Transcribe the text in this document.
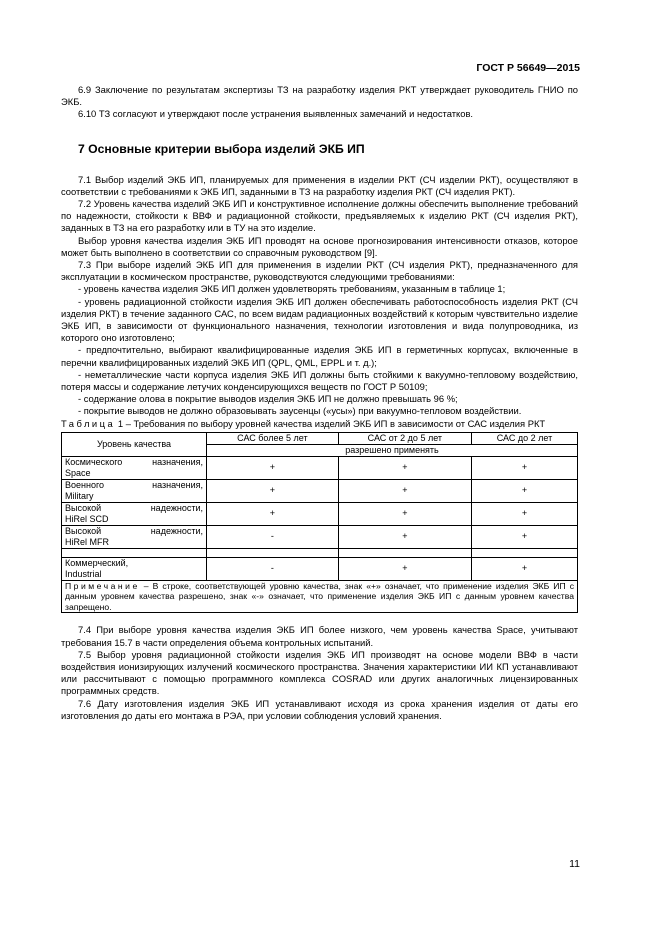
ГОСТ Р 56649—2015

6.9 Заключение по результатам экспертизы ТЗ на разработку изделия РКТ утверждает руководитель ГНИО по ЭКБ.

6.10 ТЗ согласуют и утверждают после устранения выявленных замечаний и недостатков.

7 Основные критерии выбора изделий ЭКБ ИП

7.1 Выбор изделий ЭКБ ИП, планируемых для применения в изделии РКТ (СЧ изделии РКТ), осуществляют в соответствии с требованиями к ЭКБ ИП, заданными в ТЗ на разработку изделия РКТ (СЧ изделия РКТ).

7.2 Уровень качества изделий ЭКБ ИП и конструктивное исполнение должны обеспечить выполнение требований по надежности, стойкости к ВВФ и радиационной стойкости, предъявляемых к изделию РКТ (СЧ изделия РКТ), заданных в ТЗ на его разработку или в ТУ на это изделие.

Выбор уровня качества изделия ЭКБ ИП проводят на основе прогнозирования интенсивности отказов, которое может быть выполнено в соответствии со справочным руководством [9].

7.3 При выборе изделий ЭКБ ИП для применения в изделии РКТ (СЧ изделия РКТ), предназначенного для эксплуатации в космическом пространстве, руководствуются следующими требованиями:

- уровень качества изделия ЭКБ ИП должен удовлетворять требованиям, указанным в таблице 1;

- уровень радиационной стойкости изделия ЭКБ ИП должен обеспечивать работоспособность изделия РКТ (СЧ изделия РКТ) в течение заданного САС, по всем видам радиационных воздействий к которым чувствительно изделие ЭКБ ИП, в зависимости от функционального назначения, технологии изготовления и вида полупроводника, из которого оно изготовлено;

- предпочтительно, выбирают квалифицированные изделия ЭКБ ИП в герметичных корпусах, включенные в перечни квалифицированных изделий ЭКБ ИП (QPL, QML, EPPL и т. д.);

- неметаллические части корпуса изделия ЭКБ ИП должны быть стойкими к вакуумно-тепловому воздействию, потеря массы и содержание летучих конденсирующихся веществ по ГОСТ Р 50109;

- содержание олова в покрытие выводов изделия ЭКБ ИП не должно превышать 96 %;

- покрытие выводов не должно образовывать заусенцы («усы») при вакуумно-тепловом воздействии.

Таблица 1 – Требования по выбору уровней качества изделий ЭКБ ИП в зависимости от САС изделия РКТ

Уровень качества	САС более 5 лет	САС от 2 до 5 лет	САС до 2 лет
	разрешено применять		

Космического назначения,
Space	+	+	+

Военного назначения,
Military	+	+	+

Высокой надежности,
HiRel SCD	+	+	+

Высокой надежности,
HiRel MFR	-	+	+

Коммерческий,
Industrial	-	+	+
Примечание – В строке, соответствующей уровню качества, знак «+» означает, что применение изделия ЭКБ ИП с данным уровнем качества разрешено, знак «-» означает, что применение изделия ЭКБ ИП с данным уровнем качества запрещено.			

7.4 При выборе уровня качества изделия ЭКБ ИП более низкого, чем уровень качества Space, учитывают требования 15.7 в части определения объема контрольных испытаний.

7.5 Выбор уровня радиационной стойкости изделия ЭКБ ИП производят на основе модели ВВФ в части воздействия ионизирующих излучений космического пространства. Значения характеристики ИИ КП устанавливают или рассчитывают с помощью программного комплекса COSRAD или других аналогичных лицензированных программных средств.

7.6 Дату изготовления изделия ЭКБ ИП устанавливают исходя из срока хранения изделия от даты его изготовления до даты его монтажа в РЭА, при условии соблюдения условий хранения.

11
